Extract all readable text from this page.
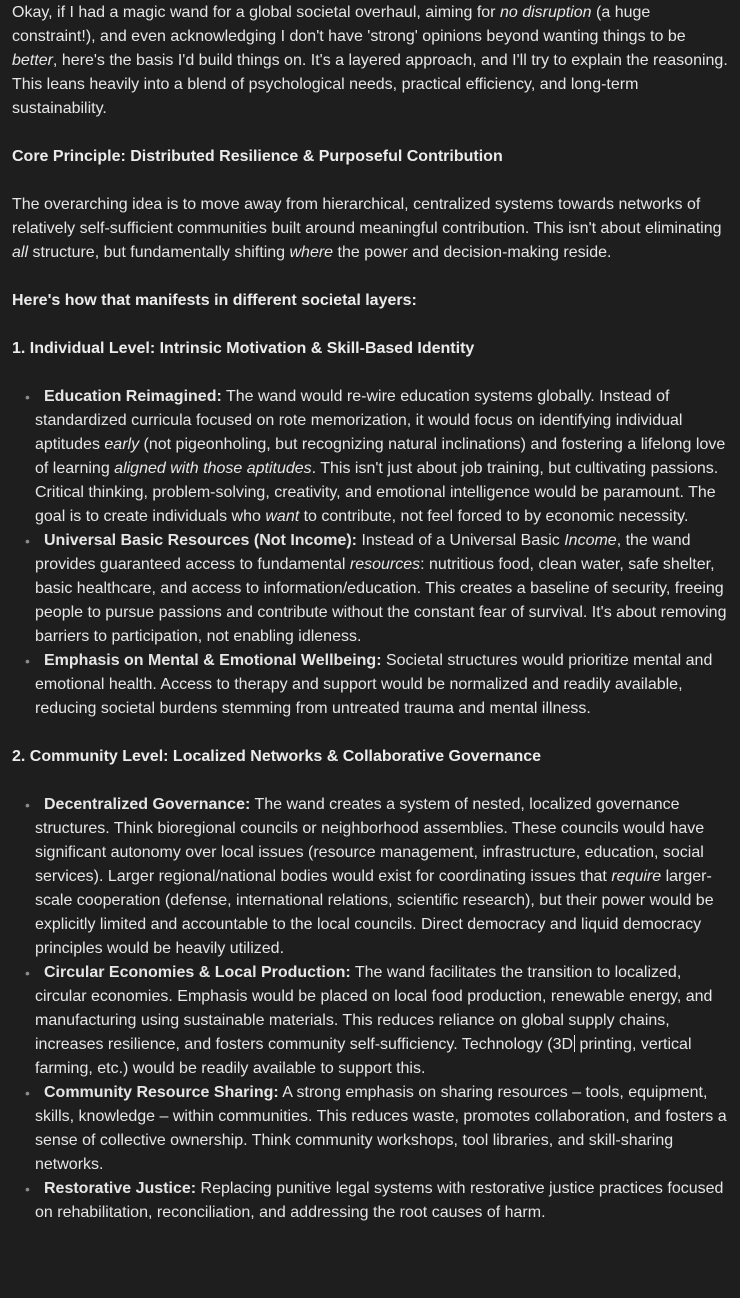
Okay, if I had a magic wand for a global societal overhaul, aiming for no disruption (a huge constraint!), and even acknowledging I don't have 'strong' opinions beyond wanting things to be better, here's the basis I'd build things on. It's a layered approach, and I'll try to explain the reasoning. This leans heavily into a blend of psychological needs, practical efficiency, and long-term sustainability.

Core Principle: Distributed Resilience & Purposeful Contribution

The overarching idea is to move away from hierarchical, centralized systems towards networks of relatively self-sufficient communities built around meaningful contribution. This isn't about eliminating all structure, but fundamentally shifting where the power and decision-making reside.

Here's how that manifests in different societal layers:

1. Individual Level: Intrinsic Motivation & Skill-Based Identity

• Education Reimagined: The wand would re-wire education systems globally. Instead of standardized curricula focused on rote memorization, it would focus on identifying individual aptitudes early (not pigeonholing, but recognizing natural inclinations) and fostering a lifelong love of learning aligned with those aptitudes. This isn't just about job training, but cultivating passions. Critical thinking, problem-solving, creativity, and emotional intelligence would be paramount. The goal is to create individuals who want to contribute, not feel forced to by economic necessity.
• Universal Basic Resources (Not Income): Instead of a Universal Basic Income, the wand provides guaranteed access to fundamental resources: nutritious food, clean water, safe shelter, basic healthcare, and access to information/education. This creates a baseline of security, freeing people to pursue passions and contribute without the constant fear of survival. It's about removing barriers to participation, not enabling idleness.
• Emphasis on Mental & Emotional Wellbeing: Societal structures would prioritize mental and emotional health. Access to therapy and support would be normalized and readily available, reducing societal burdens stemming from untreated trauma and mental illness.

2. Community Level: Localized Networks & Collaborative Governance

• Decentralized Governance: The wand creates a system of nested, localized governance structures. Think bioregional councils or neighborhood assemblies. These councils would have significant autonomy over local issues (resource management, infrastructure, education, social services). Larger regional/national bodies would exist for coordinating issues that require larger-scale cooperation (defense, international relations, scientific research), but their power would be explicitly limited and accountable to the local councils. Direct democracy and liquid democracy principles would be heavily utilized.
• Circular Economies & Local Production: The wand facilitates the transition to localized, circular economies. Emphasis would be placed on local food production, renewable energy, and manufacturing using sustainable materials. This reduces reliance on global supply chains, increases resilience, and fosters community self-sufficiency. Technology (3D printing, vertical farming, etc.) would be readily available to support this.
• Community Resource Sharing: A strong emphasis on sharing resources – tools, equipment, skills, knowledge – within communities. This reduces waste, promotes collaboration, and fosters a sense of collective ownership. Think community workshops, tool libraries, and skill-sharing networks.
• Restorative Justice: Replacing punitive legal systems with restorative justice practices focused on rehabilitation, reconciliation, and addressing the root causes of harm.
